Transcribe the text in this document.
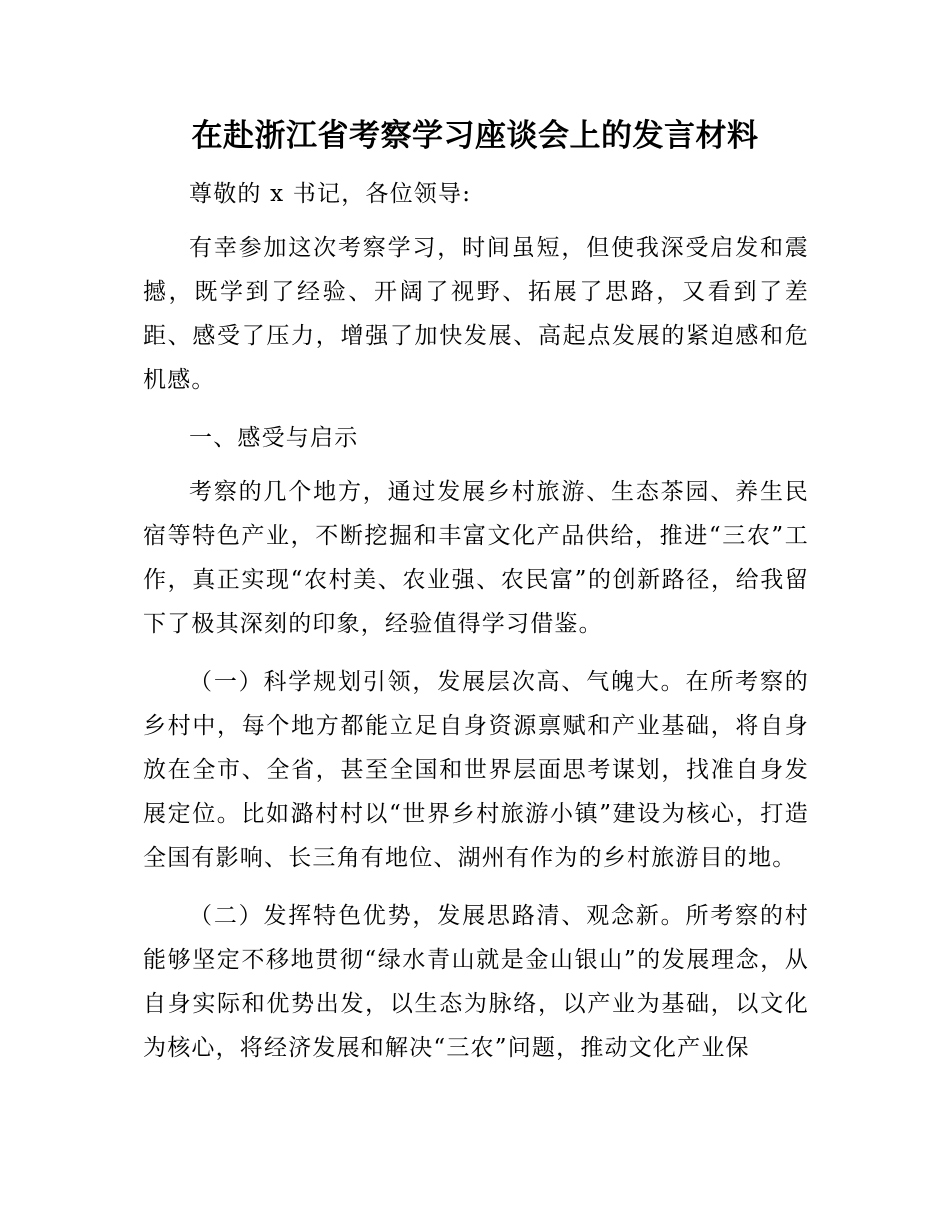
在赴浙江省考察学习座谈会上的发言材料

尊敬的 x 书记，各位领导:

有幸参加这次考察学习，时间虽短，但使我深受启发和震撼，既学到了经验、开阔了视野、拓展了思路，又看到了差距、感受了压力，增强了加快发展、高起点发展的紧迫感和危机感。

一、感受与启示

考察的几个地方，通过发展乡村旅游、生态茶园、养生民宿等特色产业，不断挖掘和丰富文化产品供给，推进“三农”工作，真正实现“农村美、农业强、农民富”的创新路径，给我留下了极其深刻的印象，经验值得学习借鉴。

（一）科学规划引领，发展层次高、气魄大。在所考察的乡村中，每个地方都能立足自身资源禀赋和产业基础，将自身放在全市、全省，甚至全国和世界层面思考谋划，找准自身发展定位。比如潞村村以“世界乡村旅游小镇”建设为核心，打造全国有影响、长三角有地位、湖州有作为的乡村旅游目的地。

（二）发挥特色优势，发展思路清、观念新。所考察的村能够坚定不移地贯彻“绿水青山就是金山银山”的发展理念，从自身实际和优势出发，以生态为脉络，以产业为基础，以文化为核心，将经济发展和解决“三农”问题，推动文化产业保
